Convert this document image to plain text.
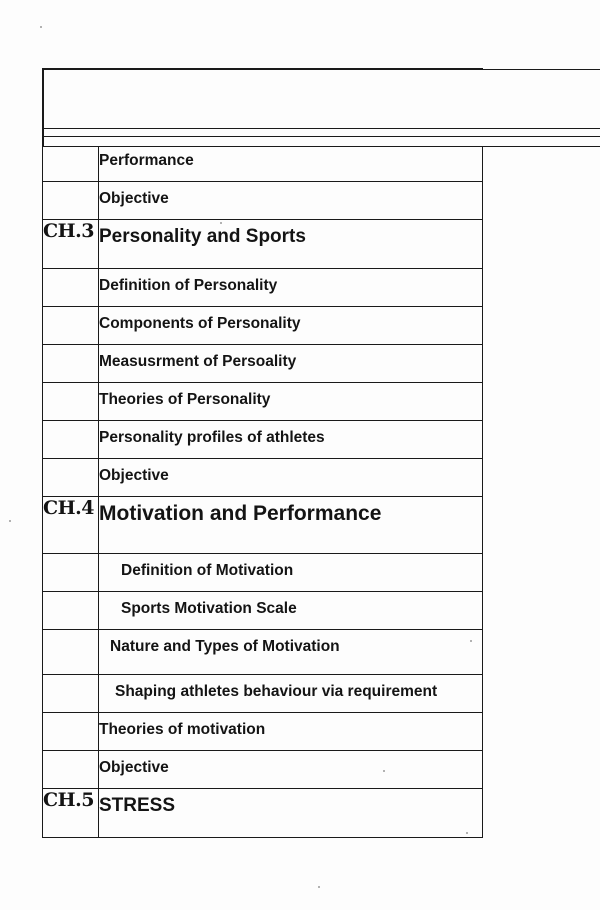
	Performance

	Objective	

CH.3	Personality and Sports	

	Definition of Personality	

	Components of Personality	

	Measusrment of Persoality	

	Theories of Personality	

	Personality profiles of athletes	

	Objective	

CH.4	Motivation and Performance	

	Definition of Motivation	

	Sports Motivation Scale	

	Nature and Types of Motivation	

	Shaping athletes behaviour via requirement	

	Theories of motivation	

	Objective	

CH.5	STRESS	
